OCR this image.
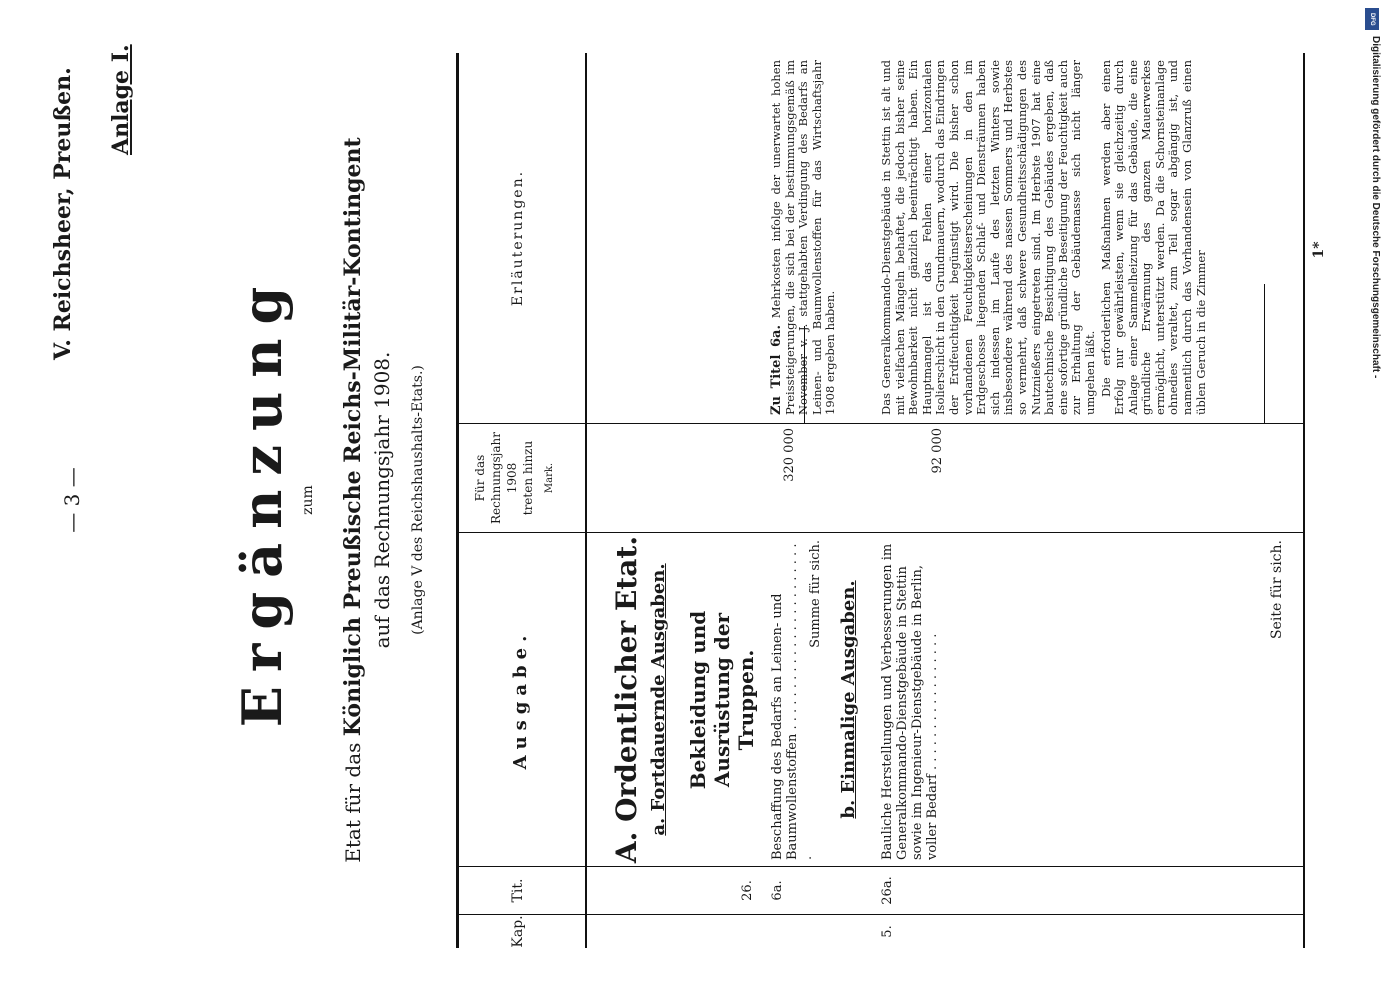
— 3 —
V. Reichsheer, Preußen. Anlage I.
Ergänzung zum
Etat für das Königlich Preußische Reichs-Militär-Kontingent auf das Rechnungsjahr 1908. (Anlage V des Reichshaushalts-Etats.)
Kap.
Tit.
Ausgabe.
Für das Rechnungsjahr 1908 treten hinzu Mark.
Erläuterungen.
A. Ordentlicher Etat. a. Fortdauernde Ausgaben. Bekleidung und Ausrüstung der Truppen.
26. 6a.
Beschaffung des Bedarfs an Leinen- und Baumwollenstoffen . . . . . . . . . . . . . . . . . . . . . . . .
320 000
Summe für sich.
Zu Titel 6a. Mehrkosten infolge der unerwartet hohen Preissteigerungen, die sich bei der bestimmungsgemäß im November v. J. stattgehabten Verdingung des Bedarfs an Leinen- und Baumwollenstoffen für das Wirtschaftsjahr 1908 ergeben haben.
b. Einmalige Ausgaben.
5.
26a.
Bauliche Herstellungen und Verbesserungen im Generalkommando-Dienstgebäude in Stettin sowie im Ingenieur-Dienstgebäude in Berlin, voller Bedarf . . . . . . . . . . . . . . . . .
92 000
Das Generalkommando-Dienstgebäude in Stettin ist alt und mit vielfachen Mängeln behaftet, die jedoch bisher seine Bewohnbarkeit nicht gänzlich beeinträchtigt haben. Ein Hauptmangel ist das Fehlen einer horizontalen Isolierschicht in den Grundmauern, wodurch das Eindringen der Erdfeuchtigkeit begünstigt wird. Die bisher schon vorhandenen Feuchtigkeitserscheinungen in den im Erdgeschosse liegenden Schlaf- und Diensträumen haben sich indessen im Laufe des letzten Winters sowie insbesondere während des nassen Sommers und Herbstes so vermehrt, daß schwere Gesundheitsschädigungen des Nutznießers eingetreten sind. Im Herbste 1907 hat eine bautechnische Besichtigung des Gebäudes ergeben, daß eine sofortige gründliche Beseitigung der Feuchtigkeit auch zur Erhaltung der Gebäudemasse sich nicht länger umgehen läßt. Die erforderlichen Maßnahmen werden aber einen Erfolg nur gewährleisten, wenn sie gleichzeitig durch Anlage einer Sammelheizung für das Gebäude, die eine gründliche Erwärmung des ganzen Mauerwerkes ermöglicht, unterstützt werden. Da die Schornsteinanlage ohnedies veraltet, zum Teil sogar abgängig ist, und namentlich durch das Vorhandensein von Glanzruß einen üblen Geruch in die Zimmer
Seite für sich.
1*
DFG
Digitalisierung gefördert durch die Deutsche Forschungsgemeinschaft -
